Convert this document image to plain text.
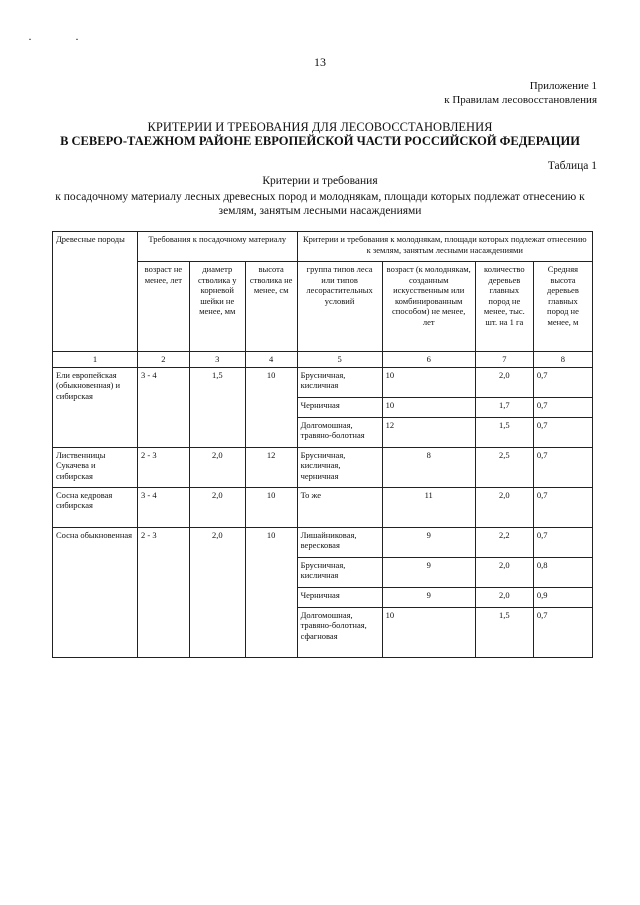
· ·
13
Приложение 1
к Правилам лесовосстановления
КРИТЕРИИ И ТРЕБОВАНИЯ ДЛЯ ЛЕСОВОССТАНОВЛЕНИЯ
В СЕВЕРО-ТАЕЖНОМ РАЙОНЕ ЕВРОПЕЙСКОЙ ЧАСТИ РОССИЙСКОЙ ФЕДЕРАЦИИ
Таблица 1
Критерии и требования
к посадочному материалу лесных древесных пород и молоднякам, площади которых подлежат отнесению к землям, занятым лесными насаждениями
Древесные породы	Требования к посадочному материалу			Критерии и требования к молоднякам, площади которых подлежат отнесению к землям, занятым лесными насаждениями			
	возраст не менее, лет	диаметр стволика у корневой шейки не менее, мм	высота стволика не менее, см	группа типов леса или типов лесорастительных условий	возраст (к молоднякам, созданным искусственным или комбинированным способом) не менее, лет	количество деревьев главных пород не менее, тыс. шт. на 1 га	Средняя высота деревьев главных пород не менее, м
1	2	3	4	5	6	7	8
Ели европейская (обыкновенная) и сибирская	3 - 4	1,5	10	Брусничная, кисличная	10	2,0	0,7
				Черничная	10	1,7	0,7
				Долгомошная, травяно-болотная	12	1,5	0,7
Лиственницы Сукачева и сибирская	2 - 3	2,0	12	Брусничная, кисличная, черничная	8	2,5	0,7
Сосна кедровая сибирская	3 - 4	2,0	10	То же	11	2,0	0,7
Сосна обыкновенная	2 - 3	2,0	10	Лишайниковая, вересковая	9	2,2	0,7
				Брусничная, кисличная	9	2,0	0,8
				Черничная	9	2,0	0,9
				Долгомошная, травяно-болотная, сфагновая	10	1,5	0,7
